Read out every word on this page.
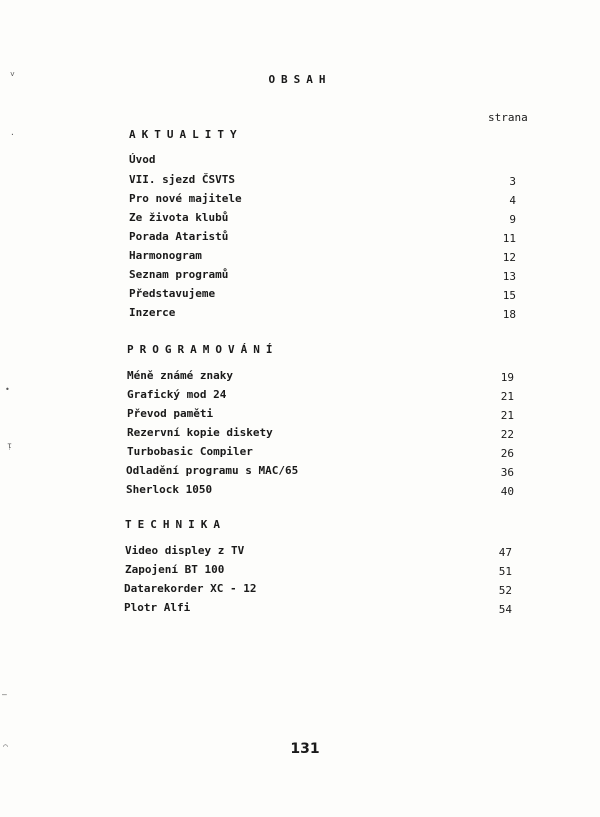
OBSAH
strana
AKTUALITY
Úvod
VII. sjezd ČSVTS	3
Pro nové majitele	4
Ze života klubů	9
Porada Ataristů	11
Harmonogram	12
Seznam programů	13
Představujeme	15
Inzerce	18
PROGRAMOVÁNÍ
Méně známé znaky	19
Grafický mod 24	21
Převod paměti	21
Rezervní kopie diskety	22
Turbobasic Compiler	26
Odladění programu s MAC/65	36
Sherlock 1050	40
TECHNIKA
Video displey z TV	47
Zapojení BT 100	51
Datarekorder XC - 12	52
Plotr Alfi	54
131
˅
·
•
ᴉ
—
◠
